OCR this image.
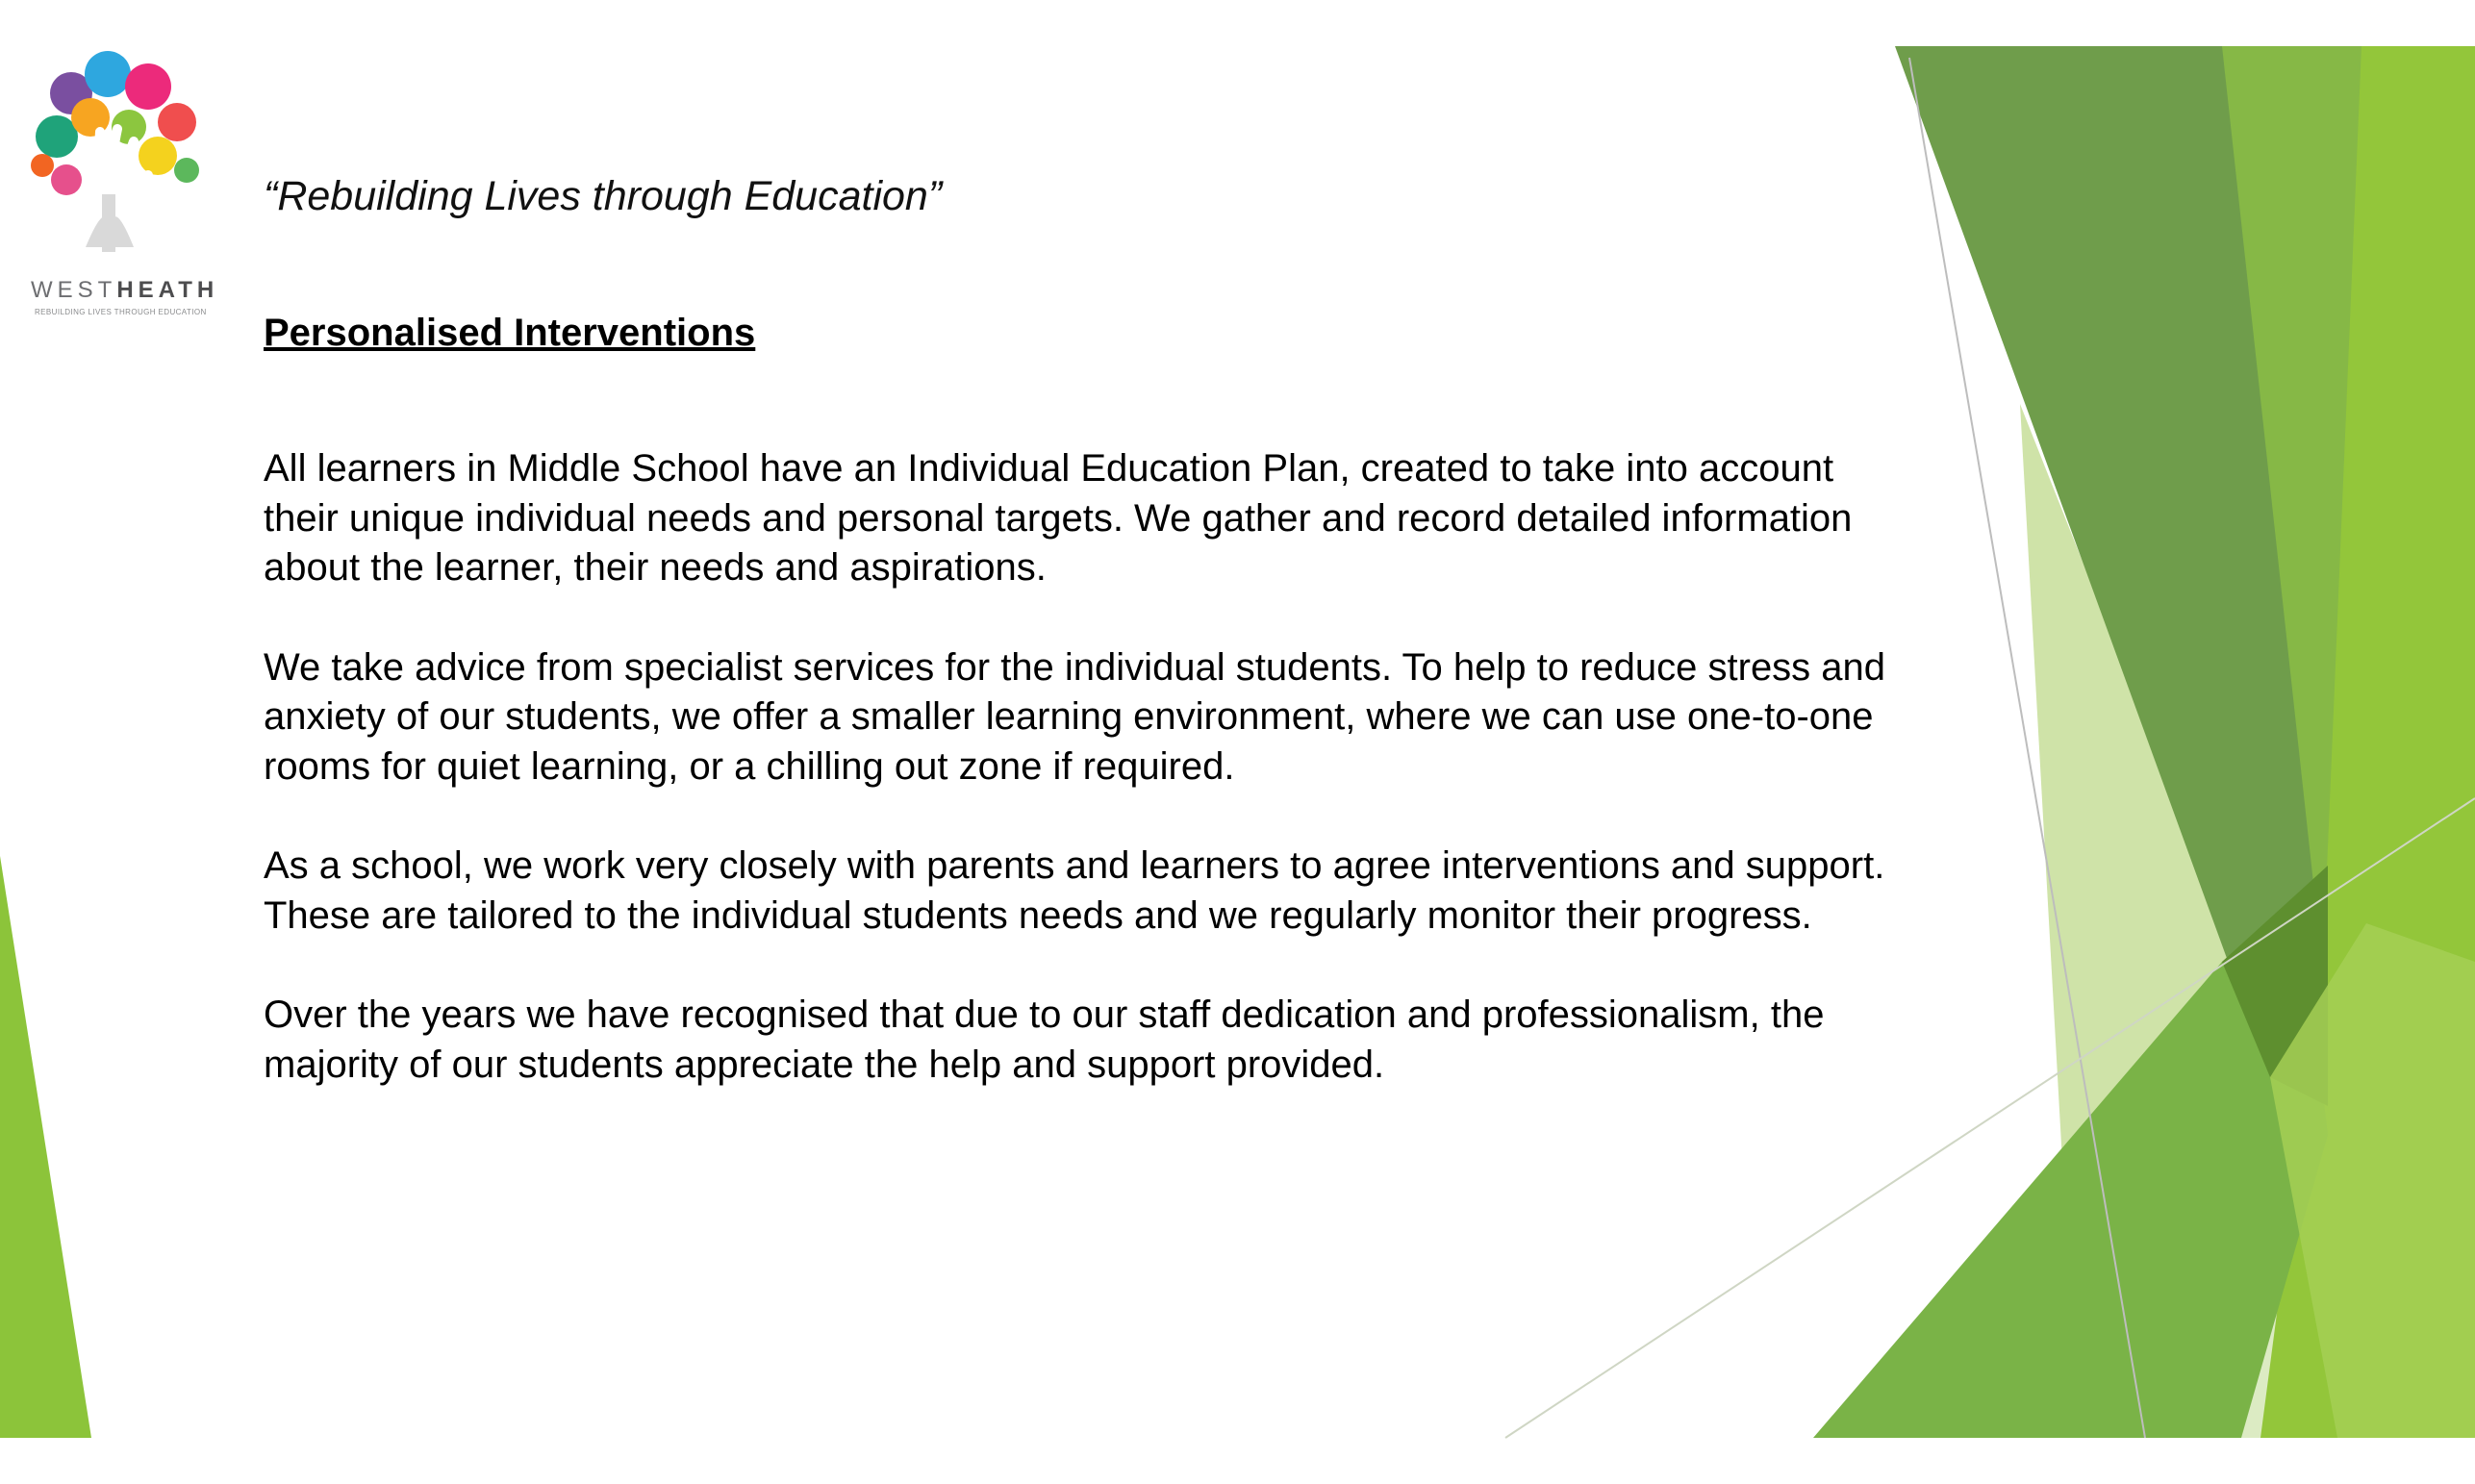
WESTHEATH
REBUILDING LIVES THROUGH EDUCATION
“Rebuilding Lives through Education”
Personalised Interventions

All learners in Middle School have an Individual Education Plan, created to take into account their unique individual needs and personal targets. We gather and record detailed information about the learner, their needs and aspirations.

We take advice from specialist services for the individual students. To help to reduce stress and anxiety of our students, we offer a smaller learning environment, where we can use one-to-one rooms for quiet learning, or a chilling out zone if required.

As a school, we work very closely with parents and learners to agree interventions and support. These are tailored to the individual students needs and we regularly monitor their progress.

Over the years we have recognised that due to our staff dedication and professionalism, the majority of our students appreciate the help and support provided.
